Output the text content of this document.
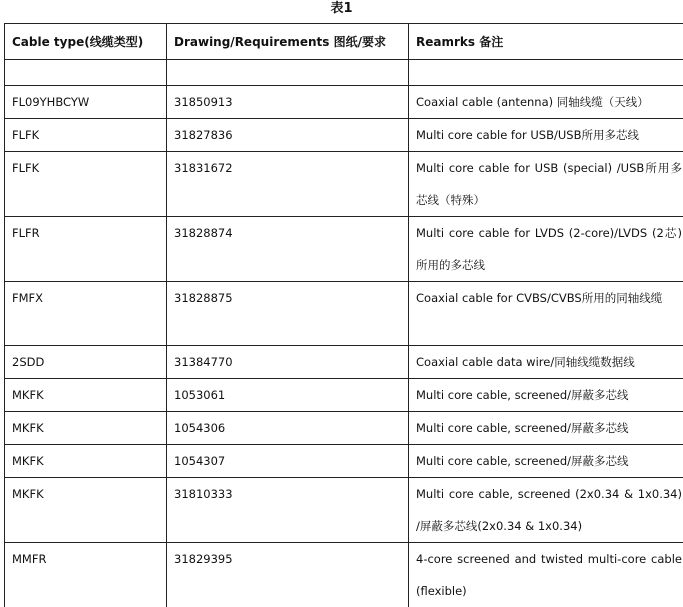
表1
Cable type(线缆类型)	Drawing/Requirements 图纸/要求	Reamrks 备注

FL09YHBCYW	31850913	Coaxial cable (antenna) 同轴线缆（天线）
FLFK	31827836	Multi core cable for USB/USB所用多芯线
FLFK	31831672	Multi core cable for USB (special) /USB所用多芯线（特殊）
FLFR	31828874	Multi core cable for LVDS (2-core)/LVDS (2芯) 所用的多芯线
FMFX	31828875	Coaxial cable for CVBS/CVBS所用的同轴线缆
2SDD	31384770	Coaxial cable data wire/同轴线缆数据线
MKFK	1053061	Multi core cable, screened/屏蔽多芯线
MKFK	1054306	Multi core cable, screened/屏蔽多芯线
MKFK	1054307	Multi core cable, screened/屏蔽多芯线
MKFK	31810333	Multi core cable, screened (2x0.34 & 1x0.34) /屏蔽多芯线(2x0.34 & 1x0.34)
MMFR	31829395	4-core screened and twisted multi-core cable (flexible)
